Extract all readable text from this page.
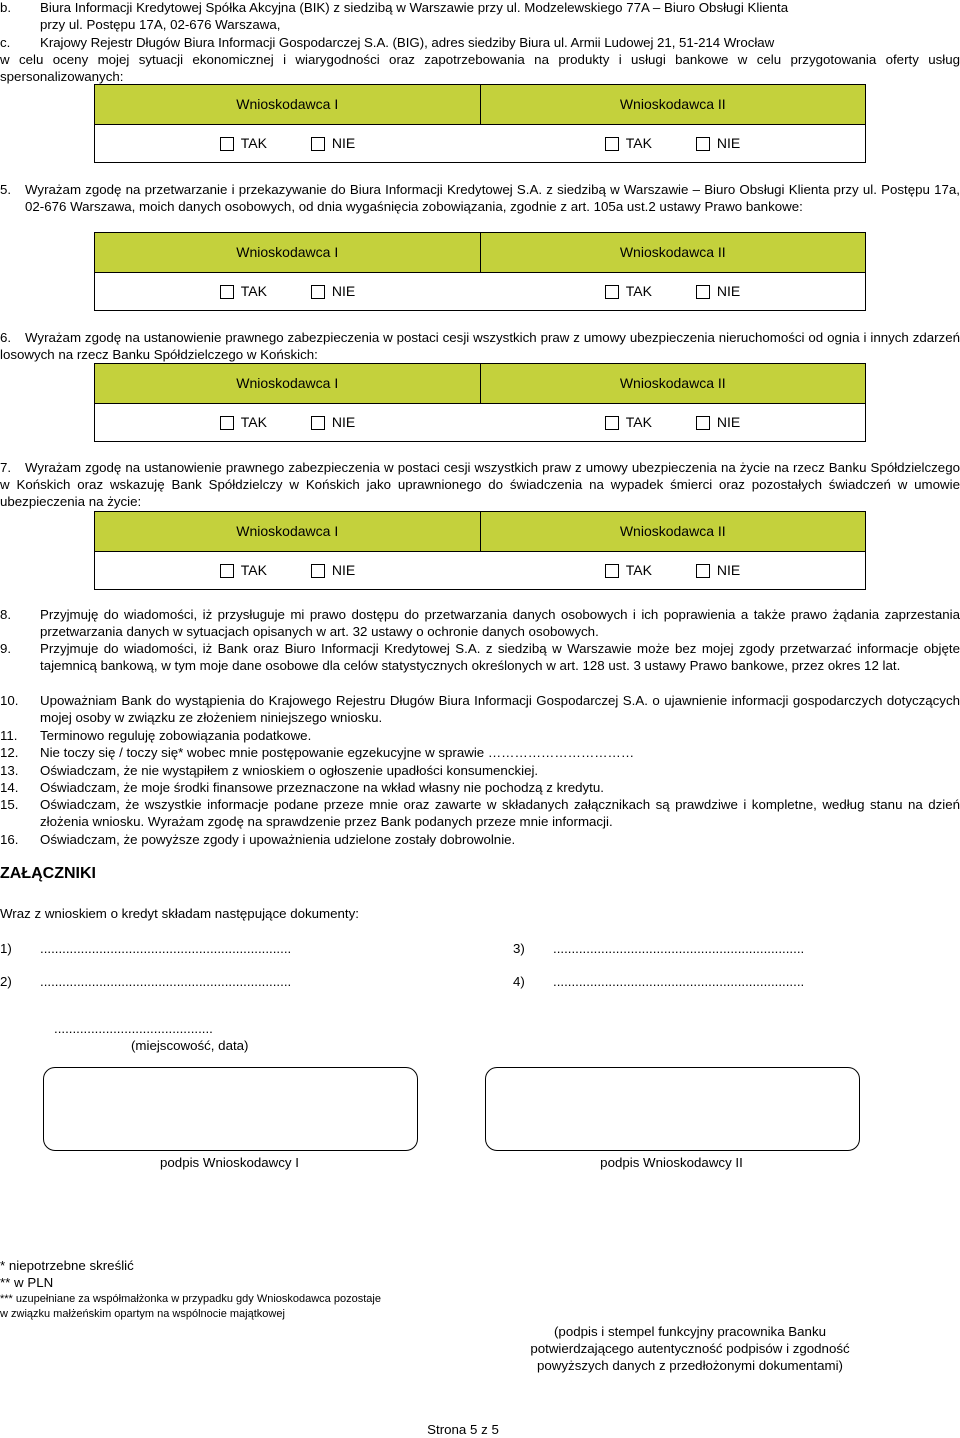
b. Biura Informacji Kredytowej Spółka Akcyjna (BIK) z siedzibą w Warszawie przy ul. Modzelewskiego 77A – Biuro Obsługi Klienta
przy ul. Postępu 17A, 02-676 Warszawa,
c. Krajowy Rejestr Długów Biura Informacji Gospodarczej S.A. (BIG), adres siedziby Biura ul. Armii Ludowej 21, 51-214 Wrocław
w celu oceny mojej sytuacji ekonomicznej i wiarygodności oraz zapotrzebowania na produkty i usługi bankowe w celu przygotowania oferty usług spersonalizowanych:
Wnioskodawca I	Wnioskodawca II
TAK	NIE	TAK	NIE
5. Wyrażam zgodę na przetwarzanie i przekazywanie do Biura Informacji Kredytowej S.A. z siedzibą w Warszawie – Biuro Obsługi Klienta przy ul. Postępu 17a, 02-676 Warszawa, moich danych osobowych, od dnia wygaśnięcia zobowiązania, zgodnie z art. 105a ust.2 ustawy Prawo bankowe:
Wnioskodawca I	Wnioskodawca II
TAK	NIE	TAK	NIE
6.	Wyrażam zgodę na ustanowienie prawnego zabezpieczenia w postaci cesji wszystkich praw z umowy ubezpieczenia nieruchomości od ognia i innych zdarzeń losowych na rzecz Banku Spółdzielczego w Końskich:
Wnioskodawca I	Wnioskodawca II
TAK	NIE	TAK	NIE
7.	Wyrażam zgodę na ustanowienie prawnego zabezpieczenia w postaci cesji wszystkich praw z umowy ubezpieczenia na życie na rzecz Banku Spółdzielczego w Końskich oraz wskazuję Bank Spółdzielczy w Końskich jako uprawnionego do świadczenia na wypadek śmierci oraz pozostałych świadczeń w umowie ubezpieczenia na życie:
Wnioskodawca I	Wnioskodawca II
TAK	NIE	TAK	NIE
8. Przyjmuję do wiadomości, iż przysługuje mi prawo dostępu do przetwarzania danych osobowych i ich poprawienia a także prawo żądania zaprzestania przetwarzania danych w sytuacjach opisanych w art. 32 ustawy o ochronie danych osobowych.
9. Przyjmuje do wiadomości, iż Bank oraz Biuro Informacji Kredytowej S.A. z siedzibą w Warszawie może bez mojej zgody przetwarzać informacje objęte tajemnicą bankową, w tym moje dane osobowe dla celów statystycznych określonych w art. 128 ust. 3 ustawy Prawo bankowe, przez okres 12 lat.
10. Upoważniam Bank do wystąpienia do Krajowego Rejestru Długów Biura Informacji Gospodarczej S.A. o ujawnienie informacji gospodarczych dotyczących mojej osoby w związku ze złożeniem niniejszego wniosku.
11. Terminowo reguluję zobowiązania podatkowe.
12. Nie toczy się / toczy się* wobec mnie postępowanie egzekucyjne w sprawie ……………………………
13. Oświadczam, że nie wystąpiłem z wnioskiem o ogłoszenie upadłości konsumenckiej.
14. Oświadczam, że moje środki finansowe przeznaczone na wkład własny nie pochodzą z kredytu.
15. Oświadczam, że wszystkie informacje podane przeze mnie oraz zawarte w składanych załącznikach są prawdziwe i kompletne, według stanu na dzień złożenia wniosku. Wyrażam zgodę na sprawdzenie przez Bank podanych przeze mnie informacji.
16. Oświadczam, że powyższe zgody i upoważnienia udzielone zostały dobrowolnie.
ZAŁĄCZNIKI
Wraz z wnioskiem o kredyt składam następujące dokumenty:
1) ....................................................................	3) ....................................................................
2) ....................................................................	4) ....................................................................
...........................................
(miejscowość, data)
podpis Wnioskodawcy I	podpis Wnioskodawcy II
* niepotrzebne skreślić
** w PLN
*** uzupełniane za współmałżonka w przypadku gdy Wnioskodawca pozostaje
w związku małżeńskim opartym na wspólnocie majątkowej
(podpis i stempel funkcyjny pracownika Banku
potwierdzającego autentyczność podpisów i zgodność
powyższych danych z przedłożonymi dokumentami)
Strona 5 z 5
